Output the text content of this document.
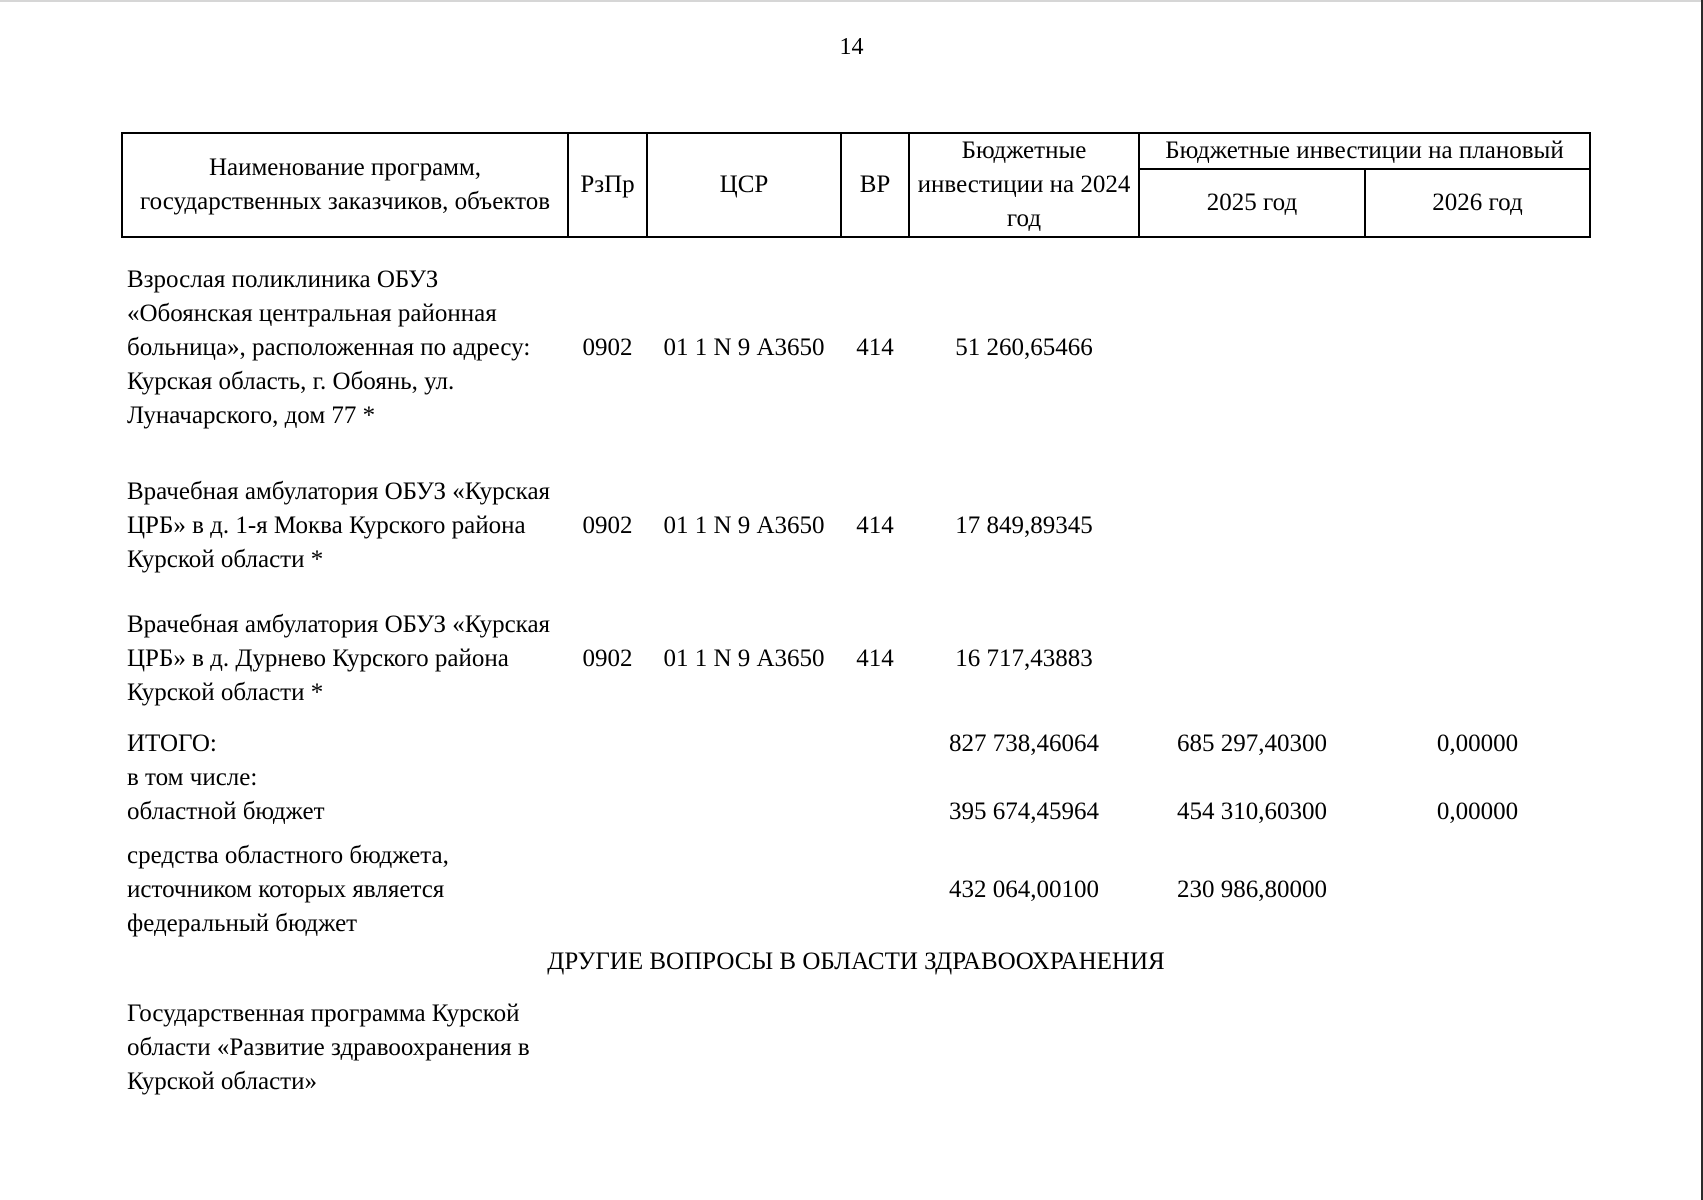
14
Наименование программ, государственных заказчиков, объектов	РзПр	ЦСР	ВР	Бюджетные инвестиции на 2024 год	Бюджетные инвестиции на плановый	
					2025 год	2026 год
Взрослая поликлиника ОБУЗ «Обоянская центральная районная больница», расположенная по адресу: Курская область, г. Обоянь, ул. Луначарского, дом 77 *	0902	01 1 N 9 А3650	414	51 260,65466		

Врачебная амбулатория ОБУЗ «Курская ЦРБ» в д. 1-я Моква Курского района Курской области *	0902	01 1 N 9 А3650	414	17 849,89345		

Врачебная амбулатория ОБУЗ «Курская ЦРБ» в д. Дурнево Курского района Курской области *	0902	01 1 N 9 А3650	414	16 717,43883		
ИТОГО:				827 738,46064	685 297,40300	0,00000
в том числе:						
областной бюджет				395 674,45964	454 310,60300	0,00000

средства областного бюджета, источником которых является федеральный бюджет				432 064,00100	230 986,80000	
ДРУГИЕ ВОПРОСЫ В ОБЛАСТИ ЗДРАВООХРАНЕНИЯ						

Государственная программа Курской области «Развитие здравоохранения в Курской области»						
